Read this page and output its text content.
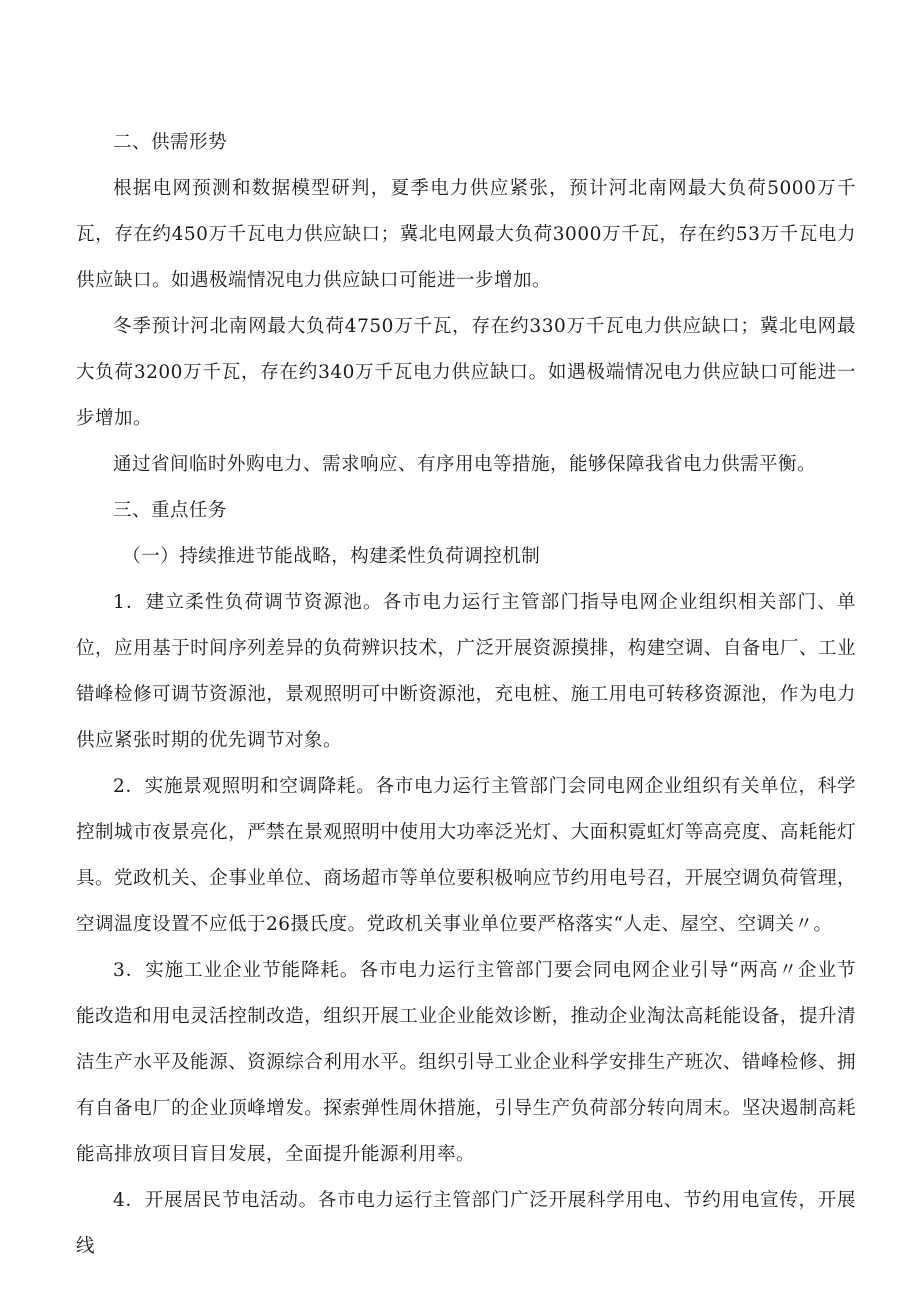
二、供需形势

根据电网预测和数据模型研判，夏季电力供应紧张，预计河北南网最大负荷5000万千瓦，存在约450万千瓦电力供应缺口；冀北电网最大负荷3000万千瓦，存在约53万千瓦电力供应缺口。如遇极端情况电力供应缺口可能进一步增加。

冬季预计河北南网最大负荷4750万千瓦，存在约330万千瓦电力供应缺口；冀北电网最大负荷3200万千瓦，存在约340万千瓦电力供应缺口。如遇极端情况电力供应缺口可能进一步增加。

通过省间临时外购电力、需求响应、有序用电等措施，能够保障我省电力供需平衡。

三、重点任务

（一）持续推进节能战略，构建柔性负荷调控机制

1．建立柔性负荷调节资源池。各市电力运行主管部门指导电网企业组织相关部门、单位，应用基于时间序列差异的负荷辨识技术，广泛开展资源摸排，构建空调、自备电厂、工业错峰检修可调节资源池，景观照明可中断资源池，充电桩、施工用电可转移资源池，作为电力供应紧张时期的优先调节对象。

2．实施景观照明和空调降耗。各市电力运行主管部门会同电网企业组织有关单位，科学控制城市夜景亮化，严禁在景观照明中使用大功率泛光灯、大面积霓虹灯等高亮度、高耗能灯具。党政机关、企事业单位、商场超市等单位要积极响应节约用电号召，开展空调负荷管理，空调温度设置不应低于26摄氏度。党政机关事业单位要严格落实“人走、屋空、空调关〃。

3．实施工业企业节能降耗。各市电力运行主管部门要会同电网企业引导“两高〃企业节能改造和用电灵活控制改造，组织开展工业企业能效诊断，推动企业淘汰高耗能设备，提升清洁生产水平及能源、资源综合利用水平。组织引导工业企业科学安排生产班次、错峰检修、拥有自备电厂的企业顶峰增发。探索弹性周休措施，引导生产负荷部分转向周末。坚决遏制高耗能高排放项目盲目发展，全面提升能源利用率。

4．开展居民节电活动。各市电力运行主管部门广泛开展科学用电、节约用电宣传，开展线
